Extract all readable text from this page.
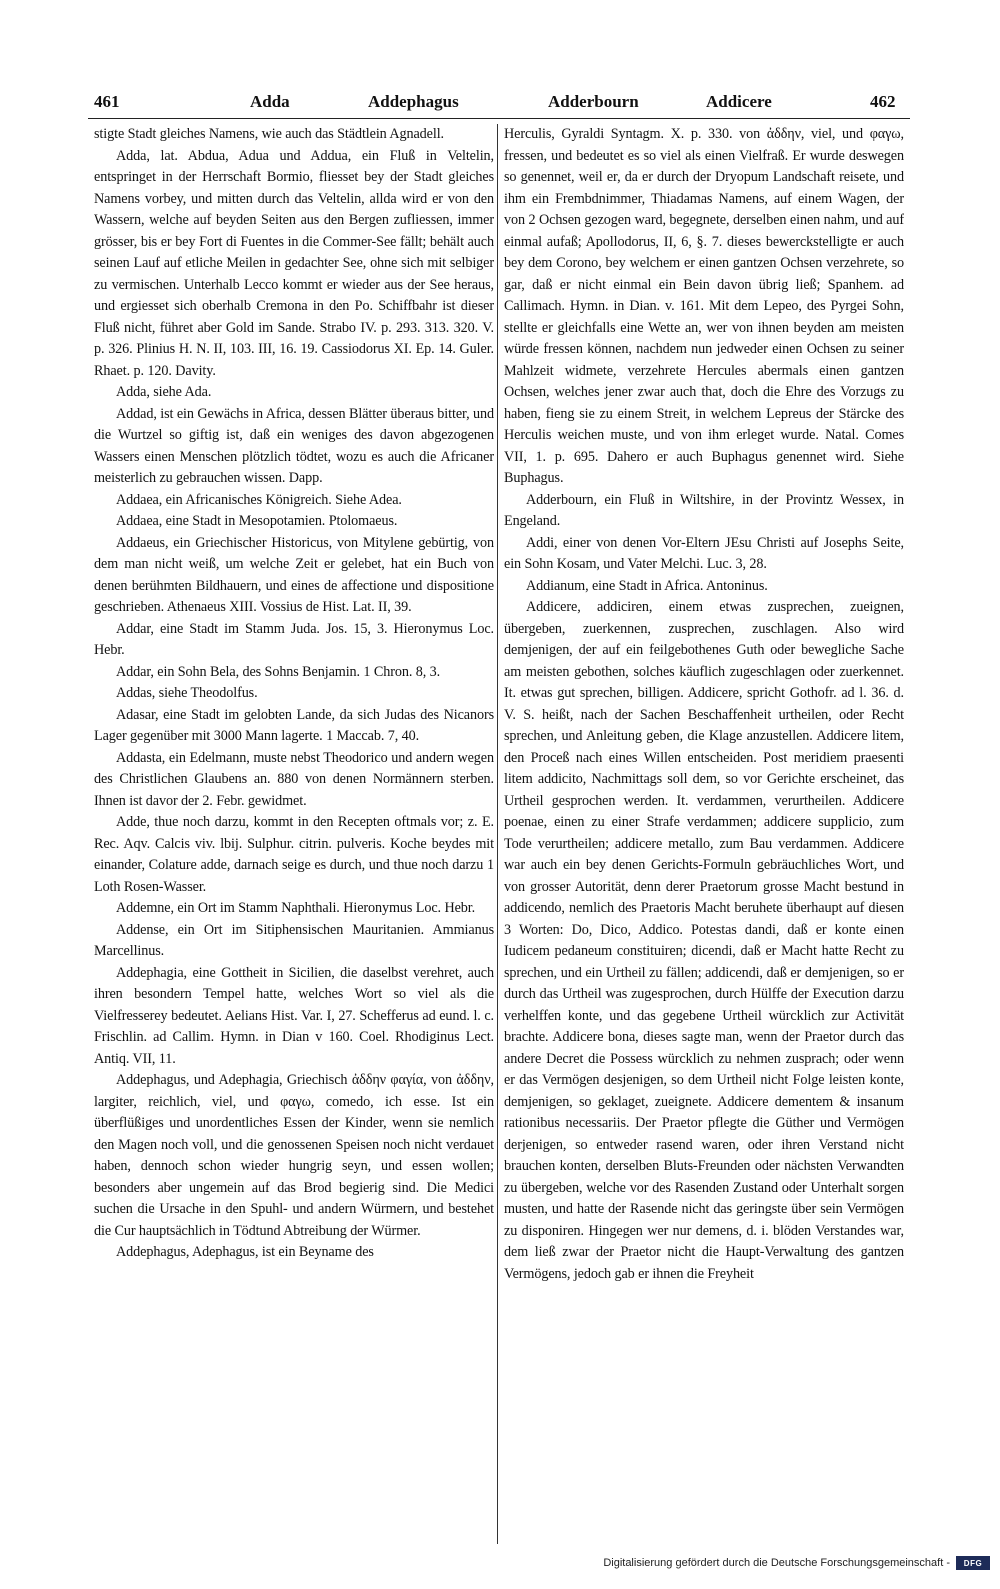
461	Adda	Addephagus	Adderbourn	Addicere	462

stigte Stadt gleiches Namens, wie auch das Städtlein Agnadell.

Adda, lat. Abdua, Adua und Addua, ein Fluß in Veltelin, entspringet in der Herrschaft Bormio, fliesset bey der Stadt gleiches Namens vorbey, und mitten durch das Veltelin, allda wird er von den Wassern, welche auf beyden Seiten aus den Bergen zufliessen, immer grösser, bis er bey Fort di Fuentes in die Commer-See fällt; behält auch seinen Lauf auf etliche Meilen in gedachter See, ohne sich mit selbiger zu vermischen. Unterhalb Lecco kommt er wieder aus der See heraus, und ergiesset sich oberhalb Cremona in den Po. Schiffbahr ist dieser Fluß nicht, führet aber Gold im Sande. Strabo IV. p. 293. 313. 320. V. p. 326. Plinius H. N. II, 103. III, 16. 19. Cassiodorus XI. Ep. 14. Guler. Rhaet. p. 120. Davity.

Adda, siehe Ada.

Addad, ist ein Gewächs in Africa, dessen Blätter überaus bitter, und die Wurtzel so giftig ist, daß ein weniges des davon abgezogenen Wassers einen Menschen plötzlich tödtet, wozu es auch die Africaner meisterlich zu gebrauchen wissen. Dapp.

Addaea, ein Africanisches Königreich. Siehe Adea.

Addaea, eine Stadt in Mesopotamien. Ptolomaeus.

Addaeus, ein Griechischer Historicus, von Mitylene gebürtig, von dem man nicht weiß, um welche Zeit er gelebet, hat ein Buch von denen berühmten Bildhauern, und eines de affectione und dispositione geschrieben. Athenaeus XIII. Vossius de Hist. Lat. II, 39.

Addar, eine Stadt im Stamm Juda. Jos. 15, 3. Hieronymus Loc. Hebr.

Addar, ein Sohn Bela, des Sohns Benjamin. 1 Chron. 8, 3.

Addas, siehe Theodolfus.

Adasar, eine Stadt im gelobten Lande, da sich Judas des Nicanors Lager gegenüber mit 3000 Mann lagerte. 1 Maccab. 7, 40.

Addasta, ein Edelmann, muste nebst Theodorico und andern wegen des Christlichen Glaubens an. 880 von denen Normännern sterben. Ihnen ist davor der 2. Febr. gewidmet.

Adde, thue noch darzu, kommt in den Recepten oftmals vor; z. E. Rec. Aqv. Calcis viv. lbij. Sulphur. citrin. pulveris. Koche beydes mit einander, Colature adde, darnach seige es durch, und thue noch darzu 1 Loth Rosen-Wasser.

Addemne, ein Ort im Stamm Naphthali. Hieronymus Loc. Hebr.

Addense, ein Ort im Sitiphensischen Mauritanien. Ammianus Marcellinus.

Addephagia, eine Gottheit in Sicilien, die daselbst verehret, auch ihren besondern Tempel hatte, welches Wort so viel als die Vielfresserey bedeutet. Aelians Hist. Var. I, 27. Schefferus ad eund. l. c. Frischlin. ad Callim. Hymn. in Dian v 160. Coel. Rhodiginus Lect. Antiq. VII, 11.

Addephagus, und Adephagia, Griechisch ἀδδην φαγία, von ἀδδην, largiter, reichlich, viel, und φαγω, comedo, ich esse. Ist ein überflüßiges und unordentliches Essen der Kinder, wenn sie nemlich den Magen noch voll, und die genossenen Speisen noch nicht verdauet haben, dennoch schon wieder hungrig seyn, und essen wollen; besonders aber ungemein auf das Brod begierig sind. Die Medici suchen die Ursache in den Spuhl- und andern Würmern, und bestehet die Cur hauptsächlich in Tödtund Abtreibung der Würmer.

Addephagus, Adephagus, ist ein Beyname des

Herculis, Gyraldi Syntagm. X. p. 330. von ἀδδην, viel, und φαγω, fressen, und bedeutet es so viel als einen Vielfraß. Er wurde deswegen so genennet, weil er, da er durch der Dryopum Landschaft reisete, und ihm ein Frembdnimmer, Thiadamas Namens, auf einem Wagen, der von 2 Ochsen gezogen ward, begegnete, derselben einen nahm, und auf einmal aufaß; Apollodorus, II, 6, §. 7. dieses bewerckstelligte er auch bey dem Corono, bey welchem er einen gantzen Ochsen verzehrete, so gar, daß er nicht einmal ein Bein davon übrig ließ; Spanhem. ad Callimach. Hymn. in Dian. v. 161. Mit dem Lepeo, des Pyrgei Sohn, stellte er gleichfalls eine Wette an, wer von ihnen beyden am meisten würde fressen können, nachdem nun jedweder einen Ochsen zu seiner Mahlzeit widmete, verzehrete Hercules abermals einen gantzen Ochsen, welches jener zwar auch that, doch die Ehre des Vorzugs zu haben, fieng sie zu einem Streit, in welchem Lepreus der Stärcke des Herculis weichen muste, und von ihm erleget wurde. Natal. Comes VII, 1. p. 695. Dahero er auch Buphagus genennet wird. Siehe Buphagus.

Adderbourn, ein Fluß in Wiltshire, in der Provintz Wessex, in Engeland.

Addi, einer von denen Vor-Eltern JEsu Christi auf Josephs Seite, ein Sohn Kosam, und Vater Melchi. Luc. 3, 28.

Addianum, eine Stadt in Africa. Antoninus.

Addicere, addiciren, einem etwas zusprechen, zueignen, übergeben, zuerkennen, zusprechen, zuschlagen. Also wird demjenigen, der auf ein feilgebothenes Guth oder bewegliche Sache am meisten gebothen, solches käuflich zugeschlagen oder zuerkennet. It. etwas gut sprechen, billigen. Addicere, spricht Gothofr. ad l. 36. d. V. S. heißt, nach der Sachen Beschaffenheit urtheilen, oder Recht sprechen, und Anleitung geben, die Klage anzustellen. Addicere litem, den Proceß nach eines Willen entscheiden. Post meridiem praesenti litem addicito, Nachmittags soll dem, so vor Gerichte erscheinet, das Urtheil gesprochen werden. It. verdammen, verurtheilen. Addicere poenae, einen zu einer Strafe verdammen; addicere supplicio, zum Tode verurtheilen; addicere metallo, zum Bau verdammen. Addicere war auch ein bey denen Gerichts-Formuln gebräuchliches Wort, und von grosser Autorität, denn derer Praetorum grosse Macht bestund in addicendo, nemlich des Praetoris Macht beruhete überhaupt auf diesen 3 Worten: Do, Dico, Addico. Potestas dandi, daß er konte einen Iudicem pedaneum constituiren; dicendi, daß er Macht hatte Recht zu sprechen, und ein Urtheil zu fällen; addicendi, daß er demjenigen, so er durch das Urtheil was zugesprochen, durch Hülffe der Execution darzu verhelffen konte, und das gegebene Urtheil würcklich zur Activität brachte. Addicere bona, dieses sagte man, wenn der Praetor durch das andere Decret die Possess würcklich zu nehmen zusprach; oder wenn er das Vermögen desjenigen, so dem Urtheil nicht Folge leisten konte, demjenigen, so geklaget, zueignete. Addicere dementem & insanum rationibus necessariis. Der Praetor pflegte die Güther und Vermögen derjenigen, so entweder rasend waren, oder ihren Verstand nicht brauchen konten, derselben Bluts-Freunden oder nächsten Verwandten zu übergeben, welche vor des Rasenden Zustand oder Unterhalt sorgen musten, und hatte der Rasende nicht das geringste über sein Vermögen zu disponiren. Hingegen wer nur demens, d. i. blöden Verstandes war, dem ließ zwar der Praetor nicht die Haupt-Verwaltung des gantzen Vermögens, jedoch gab er ihnen die Freyheit

Digitalisierung gefördert durch die Deutsche Forschungsgemeinschaft -	DFG
